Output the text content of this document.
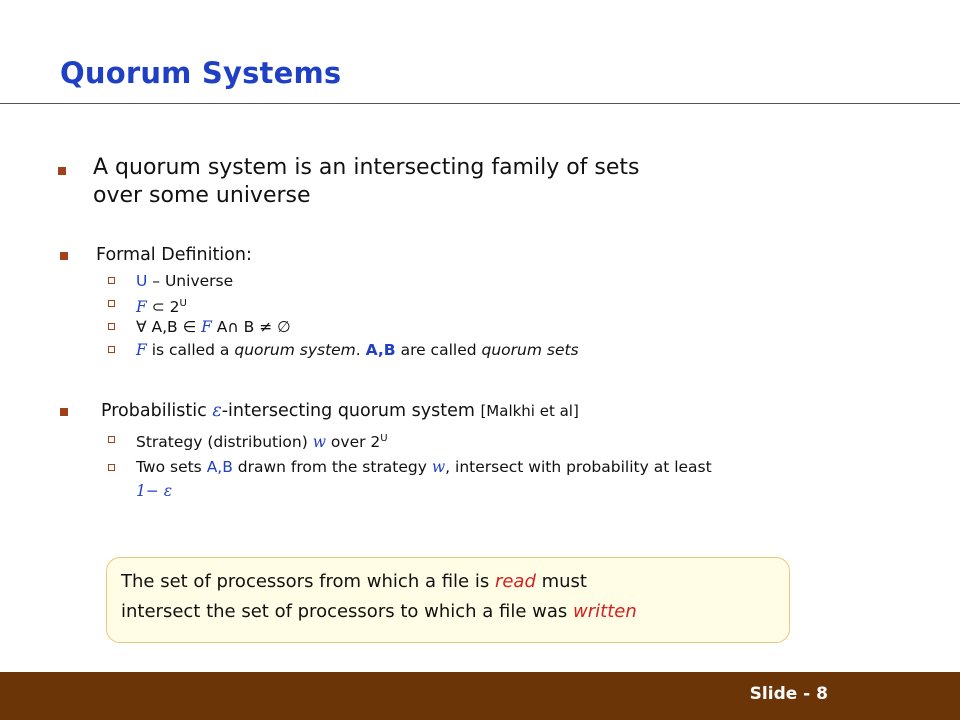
Quorum Systems
A quorum system is an intersecting family of sets
over some universe
Formal Definition:
U – Universe
F ⊂ $2^U$
∀ A,B ∈ F A∩ B ≠ ∅
F is called a quorum system. A,B are called quorum sets
Probabilistic ε-intersecting quorum system [Malkhi et al]
Strategy (distribution) w over $2^U$
Two sets A,B drawn from the strategy w, intersect with probability at least
1− ε
The set of processors from which a file is read must
intersect the set of processors to which a file was written
Slide - 8
